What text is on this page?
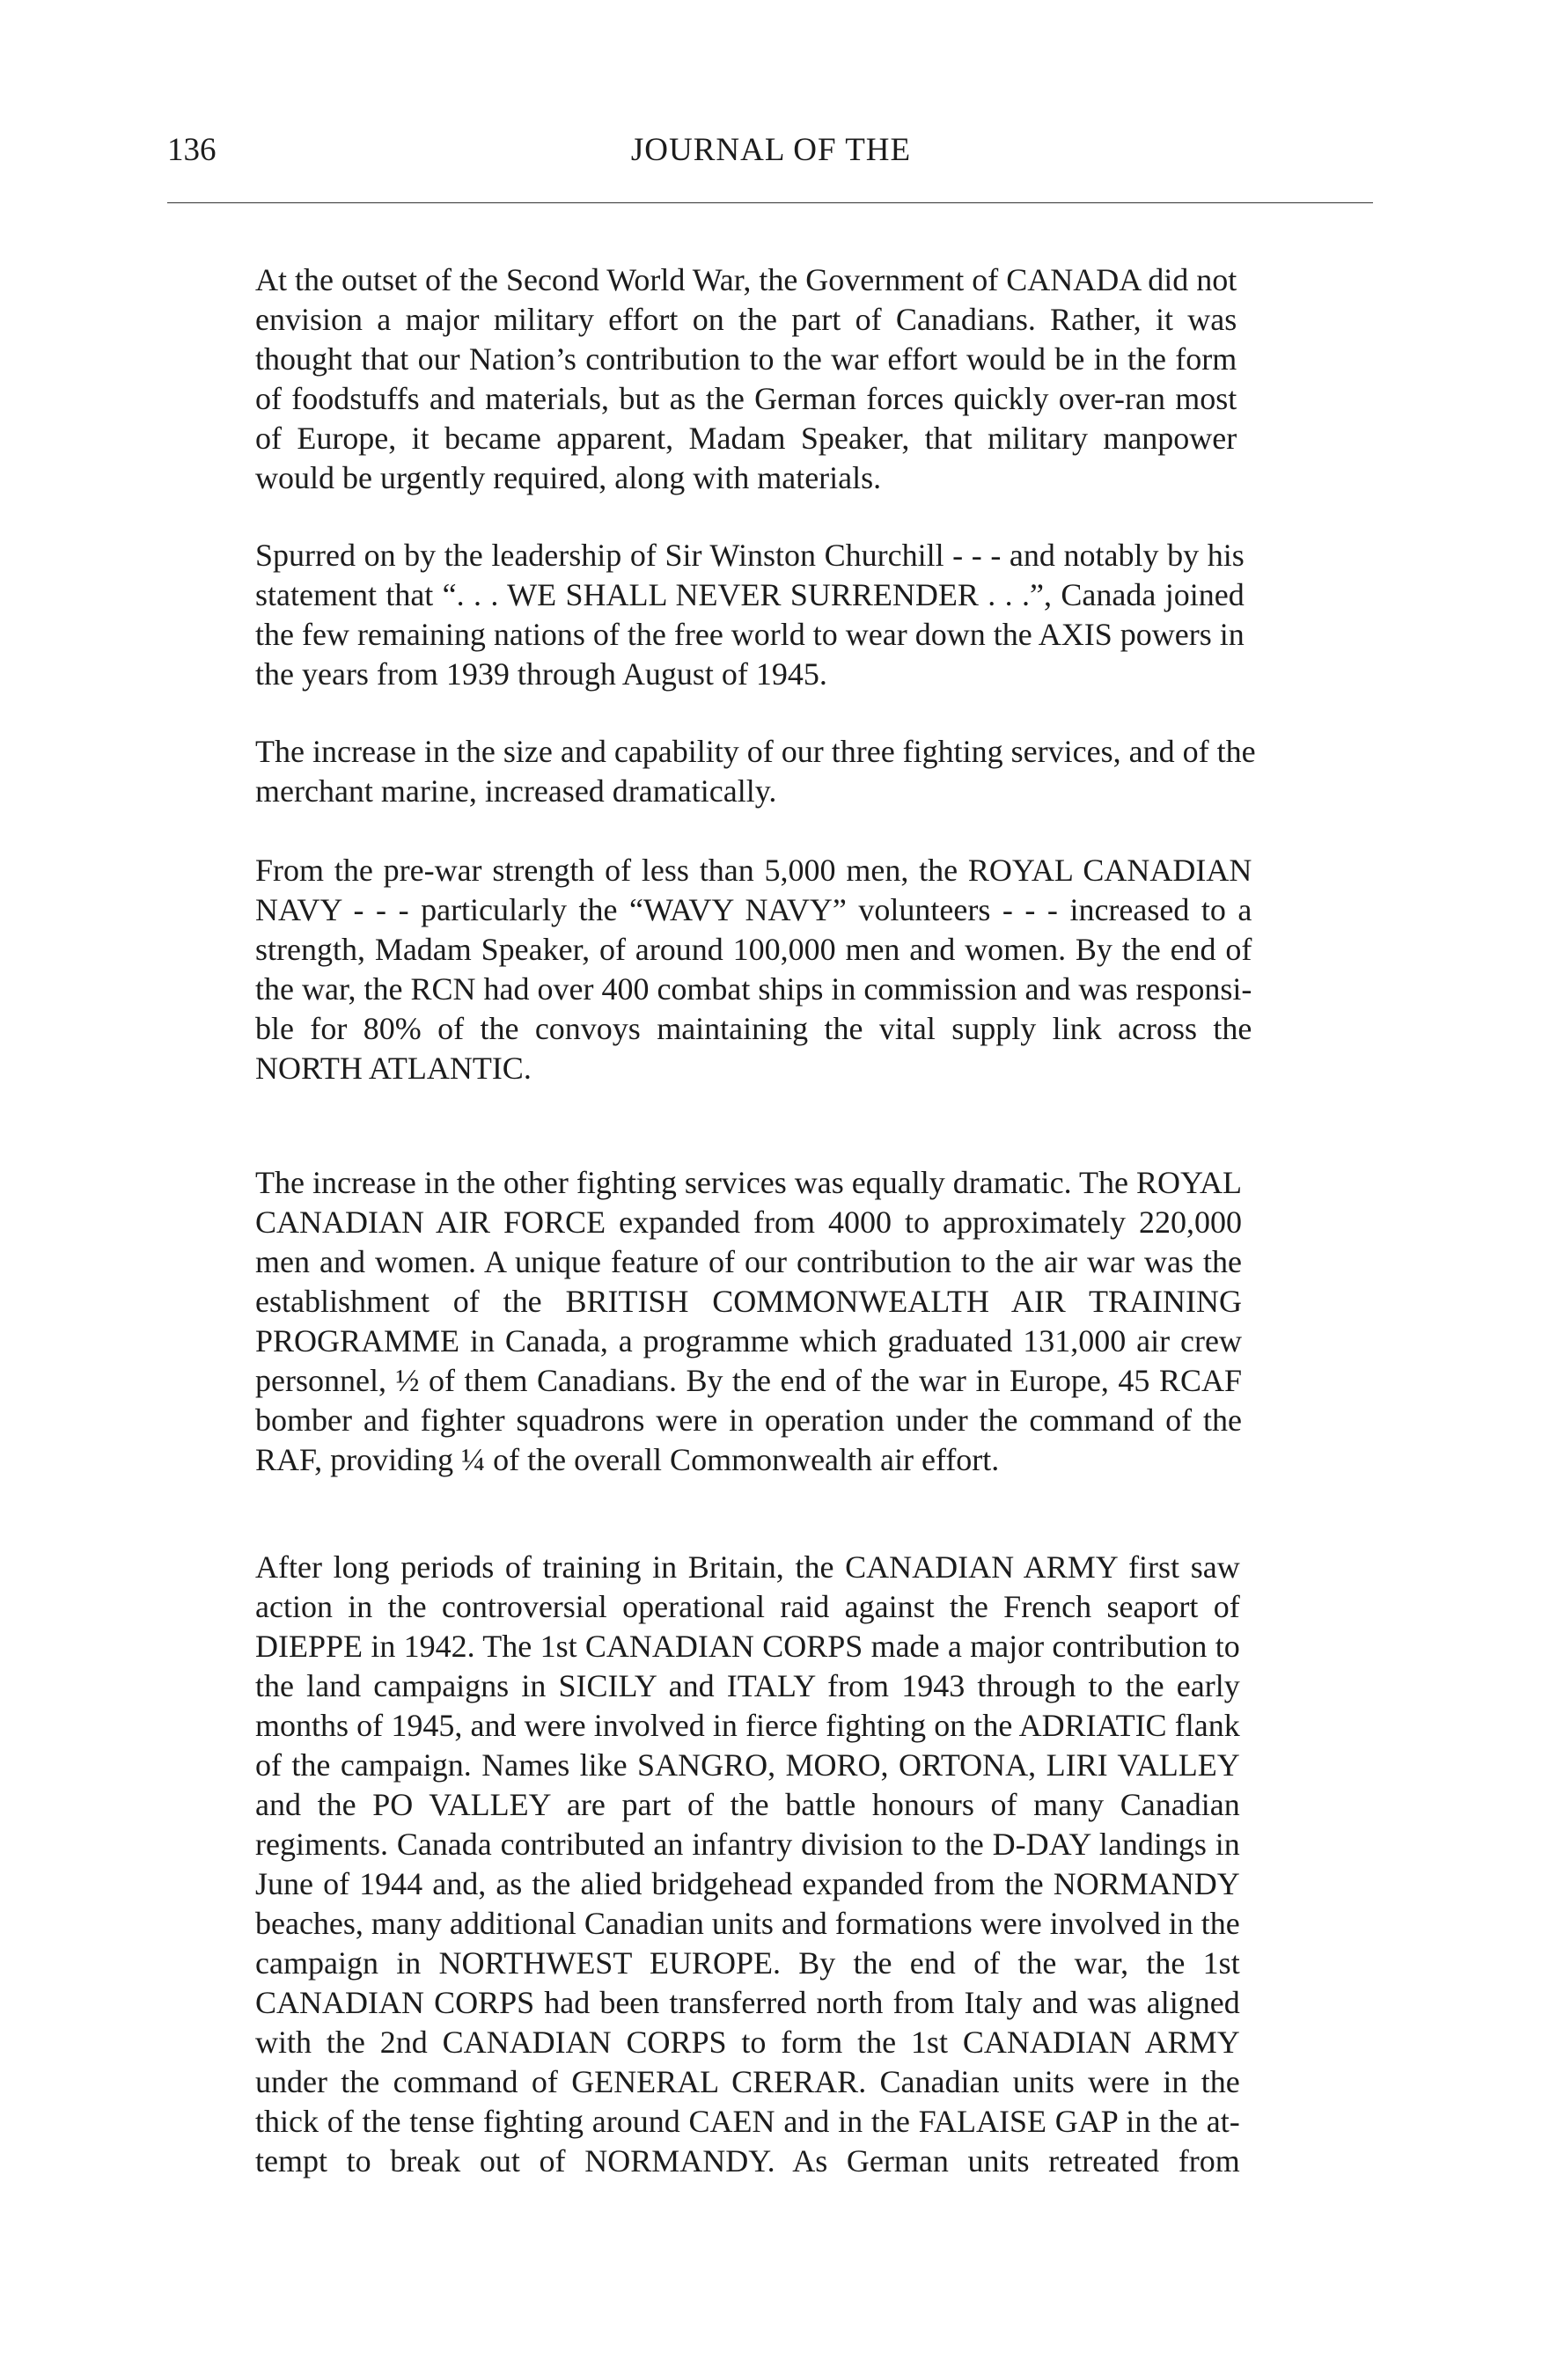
136	JOURNAL OF THE

At the outset of the Second World War, the Government of CANADA did not
envision a major military effort on the part of Canadians. Rather, it was
thought that our Nation’s contribution to the war effort would be in the form
of foodstuffs and materials, but as the German forces quickly over-ran most
of Europe, it became apparent, Madam Speaker, that military manpower
would be urgently required, along with materials.

Spurred on by the leadership of Sir Winston Churchill - - - and notably by his
statement that “. . . WE SHALL NEVER SURRENDER . . .”, Canada joined
the few remaining nations of the free world to wear down the AXIS powers in
the years from 1939 through August of 1945.

The increase in the size and capability of our three fighting services, and of the
merchant marine, increased dramatically.

From the pre-war strength of less than 5,000 men, the ROYAL CANADIAN
NAVY - - - particularly the “WAVY NAVY” volunteers - - - increased to a
strength, Madam Speaker, of around 100,000 men and women. By the end of
the war, the RCN had over 400 combat ships in commission and was responsi-
ble for 80% of the convoys maintaining the vital supply link across the
NORTH ATLANTIC.

The increase in the other fighting services was equally dramatic. The ROYAL
CANADIAN AIR FORCE expanded from 4000 to approximately 220,000
men and women. A unique feature of our contribution to the air war was the
establishment of the BRITISH COMMONWEALTH AIR TRAINING
PROGRAMME in Canada, a programme which graduated 131,000 air crew
personnel, ½ of them Canadians. By the end of the war in Europe, 45 RCAF
bomber and fighter squadrons were in operation under the command of the
RAF, providing ¼ of the overall Commonwealth air effort.

After long periods of training in Britain, the CANADIAN ARMY first saw
action in the controversial operational raid against the French seaport of
DIEPPE in 1942. The 1st CANADIAN CORPS made a major contribution to
the land campaigns in SICILY and ITALY from 1943 through to the early
months of 1945, and were involved in fierce fighting on the ADRIATIC flank
of the campaign. Names like SANGRO, MORO, ORTONA, LIRI VALLEY
and the PO VALLEY are part of the battle honours of many Canadian
regiments. Canada contributed an infantry division to the D-DAY landings in
June of 1944 and, as the alied bridgehead expanded from the NORMANDY
beaches, many additional Canadian units and formations were involved in the
campaign in NORTHWEST EUROPE. By the end of the war, the 1st
CANADIAN CORPS had been transferred north from Italy and was aligned
with the 2nd CANADIAN CORPS to form the 1st CANADIAN ARMY
under the command of GENERAL CRERAR. Canadian units were in the
thick of the tense fighting around CAEN and in the FALAISE GAP in the at-
tempt to break out of NORMANDY. As German units retreated from
